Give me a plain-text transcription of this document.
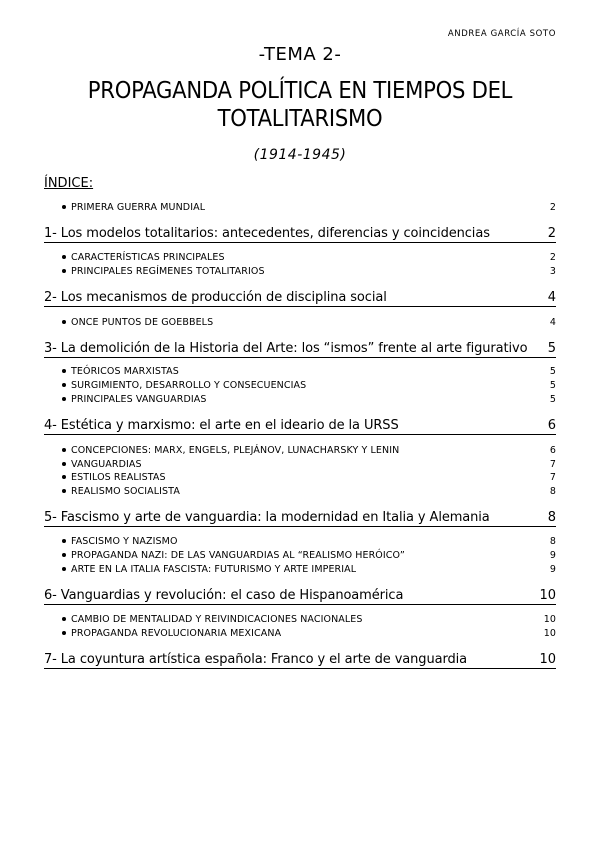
ANDREA GARCÍA SOTO
-TEMA 2-
PROPAGANDA POLÍTICA EN TIEMPOS DEL
TOTALITARISMO
(1914-1945)
ÍNDICE:
PRIMERA GUERRA MUNDIAL	2
1- Los modelos totalitarios: antecedentes, diferencias y coincidencias	2
CARACTERÍSTICAS PRINCIPALES	2
PRINCIPALES REGÍMENES TOTALITARIOS	3
2- Los mecanismos de producción de disciplina social	4
ONCE PUNTOS DE GOEBBELS	4
3- La demolición de la Historia del Arte: los “ismos” frente al arte figurativo 5
TEÓRICOS MARXISTAS	5
SURGIMIENTO, DESARROLLO Y CONSECUENCIAS	5
PRINCIPALES VANGUARDIAS	5
4- Estética y marxismo: el arte en el ideario de la URSS	6
CONCEPCIONES: MARX, ENGELS, PLEJÁNOV, LUNACHARSKY Y LENIN	6
VANGUARDIAS	7
ESTILOS REALISTAS	7
REALISMO SOCIALISTA	8
5- Fascismo y arte de vanguardia: la modernidad en Italia y Alemania	8
FASCISMO Y NAZISMO	8
PROPAGANDA NAZI: DE LAS VANGUARDIAS AL “REALISMO HERÓICO”	9
ARTE EN LA ITALIA FASCISTA: FUTURISMO Y ARTE IMPERIAL	9
6- Vanguardias y revolución: el caso de Hispanoamérica	10
CAMBIO DE MENTALIDAD Y REIVINDICACIONES NACIONALES	10
PROPAGANDA REVOLUCIONARIA MEXICANA	10
7- La coyuntura artística española: Franco y el arte de vanguardia	10
